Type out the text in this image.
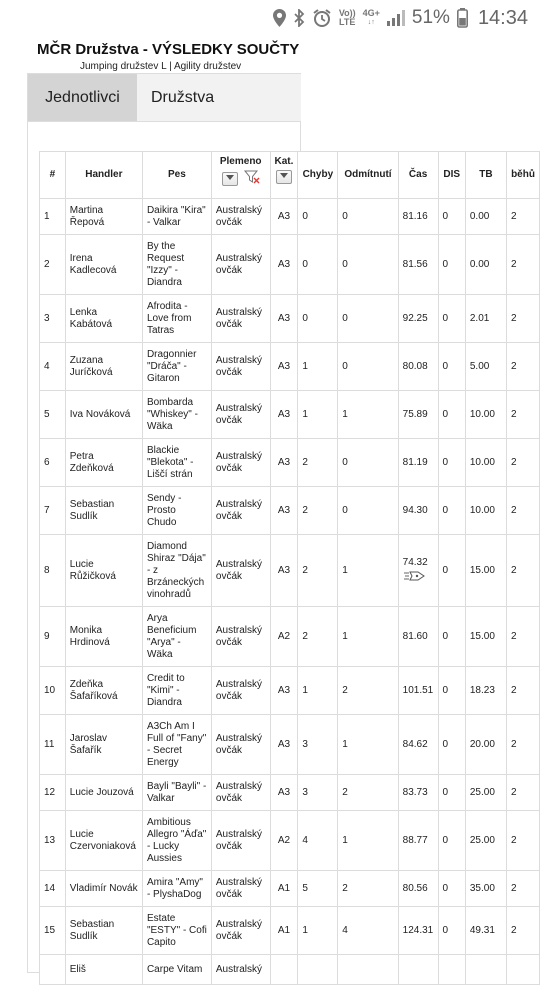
Vo))
LTE
4G+
↓↑ 51% 14:34
MČR Družstva - VÝSLEDKY SOUČTY
Jumping družstev L | Agility družstev
Jednotlivci	Družstva
#	Handler	Pes	Plemeno	Kat.	Chyby	Odmítnutí	Čas	DIS	TB	běhů
1	Martina Řepová	Daikira "Kira" - Valkar	Australský ovčák	A3	0	0	81.16	0	0.00	2
2	Irena Kadlecová	By the Request "Izzy" - Diandra	Australský ovčák	A3	0	0	81.56	0	0.00	2
3	Lenka Kabátová	Afrodita - Love from Tatras	Australský ovčák	A3	0	0	92.25	0	2.01	2
4	Zuzana Juríčková	Dragonnier "Dráča" - Gitaron	Australský ovčák	A3	1	0	80.08	0	5.00	2
5	Iva Nováková	Bombarda "Whiskey" - Wäka	Australský ovčák	A3	1	1	75.89	0	10.00	2
6	Petra Zdeňková	Blackie "Blekota" - Liščí strán	Australský ovčák	A3	2	0	81.19	0	10.00	2
7	Sebastian Sudlík	Sendy - Prosto Chudo	Australský ovčák	A3	2	0	94.30	0	10.00	2
8	Lucie Růžičková	Diamond Shiraz "Dája" - z Brzáneckých vinohradů	Australský ovčák	A3	2	1	74.32	0	15.00	2
9	Monika Hrdinová	Arya Beneficium "Arya" - Wäka	Australský ovčák	A2	2	1	81.60	0	15.00	2
10	Zdeňka Šafaříková	Credit to "Kimi" - Diandra	Australský ovčák	A3	1	2	101.51	0	18.23	2
11	Jaroslav Šafařík	A3Ch Am I Full of "Fany" - Secret Energy	Australský ovčák	A3	3	1	84.62	0	20.00	2
12	Lucie Jouzová	Bayli "Bayli" - Valkar	Australský ovčák	A3	3	2	83.73	0	25.00	2
13	Lucie Czervoniaková	Ambitious Allegro "Áďa" - Lucky Aussies	Australský ovčák	A2	4	1	88.77	0	25.00	2
14	Vladimír Novák	Amira "Amy" - PlyshaDog	Australský ovčák	A1	5	2	80.56	0	35.00	2
15	Sebastian Sudlík	Estate "ESTY" - Cofi Capito	Australský ovčák	A1	1	4	124.31	0	49.31	2
	Eliš	Carpe Vitam	Australský							
